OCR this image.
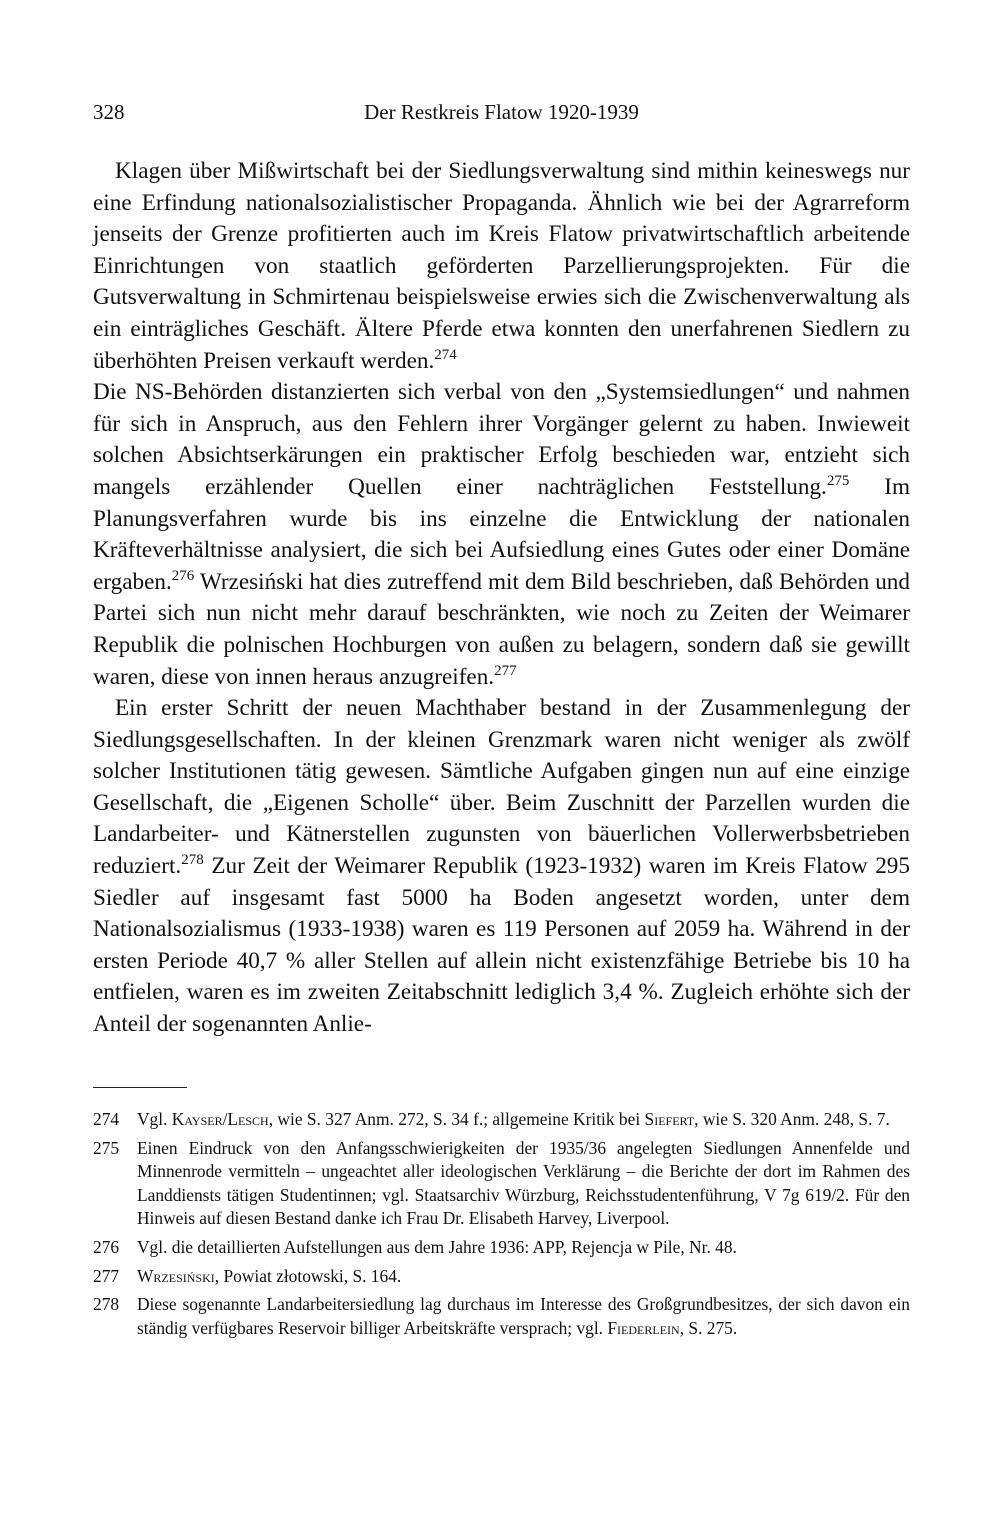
328	Der Restkreis Flatow 1920-1939

Klagen über Mißwirtschaft bei der Siedlungsverwaltung sind mithin keineswegs nur eine Erfindung nationalsozialistischer Propaganda. Ähnlich wie bei der Agrarreform jenseits der Grenze profitierten auch im Kreis Flatow privatwirtschaftlich arbeitende Einrichtungen von staatlich geförderten Parzellierungsprojekten. Für die Gutsverwaltung in Schmirtenau beispielsweise erwies sich die Zwischenverwaltung als ein einträgliches Geschäft. Ältere Pferde etwa konnten den unerfahrenen Siedlern zu überhöhten Preisen verkauft werden.$^{274}$

Die NS-Behörden distanzierten sich verbal von den „Systemsiedlungen“ und nahmen für sich in Anspruch, aus den Fehlern ihrer Vorgänger gelernt zu haben. Inwieweit solchen Absichtserkärungen ein praktischer Erfolg beschieden war, entzieht sich mangels erzählender Quellen einer nachträglichen Feststellung.$^{275}$ Im Planungsverfahren wurde bis ins einzelne die Entwicklung der nationalen Kräfteverhältnisse analysiert, die sich bei Aufsiedlung eines Gutes oder einer Domäne ergaben.$^{276}$ Wrzesiński hat dies zutreffend mit dem Bild beschrieben, daß Behörden und Partei sich nun nicht mehr darauf beschränkten, wie noch zu Zeiten der Weimarer Republik die polnischen Hochburgen von außen zu belagern, sondern daß sie gewillt waren, diese von innen heraus anzugreifen.$^{277}$

Ein erster Schritt der neuen Machthaber bestand in der Zusammenlegung der Siedlungsgesellschaften. In der kleinen Grenzmark waren nicht weniger als zwölf solcher Institutionen tätig gewesen. Sämtliche Aufgaben gingen nun auf eine einzige Gesellschaft, die „Eigenen Scholle“ über. Beim Zuschnitt der Parzellen wurden die Landarbeiter- und Kätnerstellen zugunsten von bäuerlichen Vollerwerbsbetrieben reduziert.$^{278}$ Zur Zeit der Weimarer Republik (1923-1932) waren im Kreis Flatow 295 Siedler auf insgesamt fast 5000 ha Boden angesetzt worden, unter dem Nationalsozialismus (1933-1938) waren es 119 Personen auf 2059 ha. Während in der ersten Periode 40,7 % aller Stellen auf allein nicht existenzfähige Betriebe bis 10 ha entfielen, waren es im zweiten Zeitabschnitt lediglich 3,4 %. Zugleich erhöhte sich der Anteil der sogenannten Anlie-

274	Vgl. Kayser/Lesch, wie S. 327 Anm. 272, S. 34 f.; allgemeine Kritik bei Siefert, wie S. 320 Anm. 248, S. 7.
275	Einen Eindruck von den Anfangsschwierigkeiten der 1935/36 angelegten Siedlungen Annenfelde und Minnenrode vermitteln – ungeachtet aller ideologischen Verklärung – die Berichte der dort im Rahmen des Landdiensts tätigen Studentinnen; vgl. Staatsarchiv Würzburg, Reichsstudentenführung, V 7g 619/2. Für den Hinweis auf diesen Bestand danke ich Frau Dr. Elisabeth Harvey, Liverpool.
276	Vgl. die detaillierten Aufstellungen aus dem Jahre 1936: APP, Rejencja w Pile, Nr. 48.
277	Wrzesiński, Powiat złotowski, S. 164.
278	Diese sogenannte Landarbeitersiedlung lag durchaus im Interesse des Großgrundbesitzes, der sich davon ein ständig verfügbares Reservoir billiger Arbeitskräfte versprach; vgl. Fiederlein, S. 275.
